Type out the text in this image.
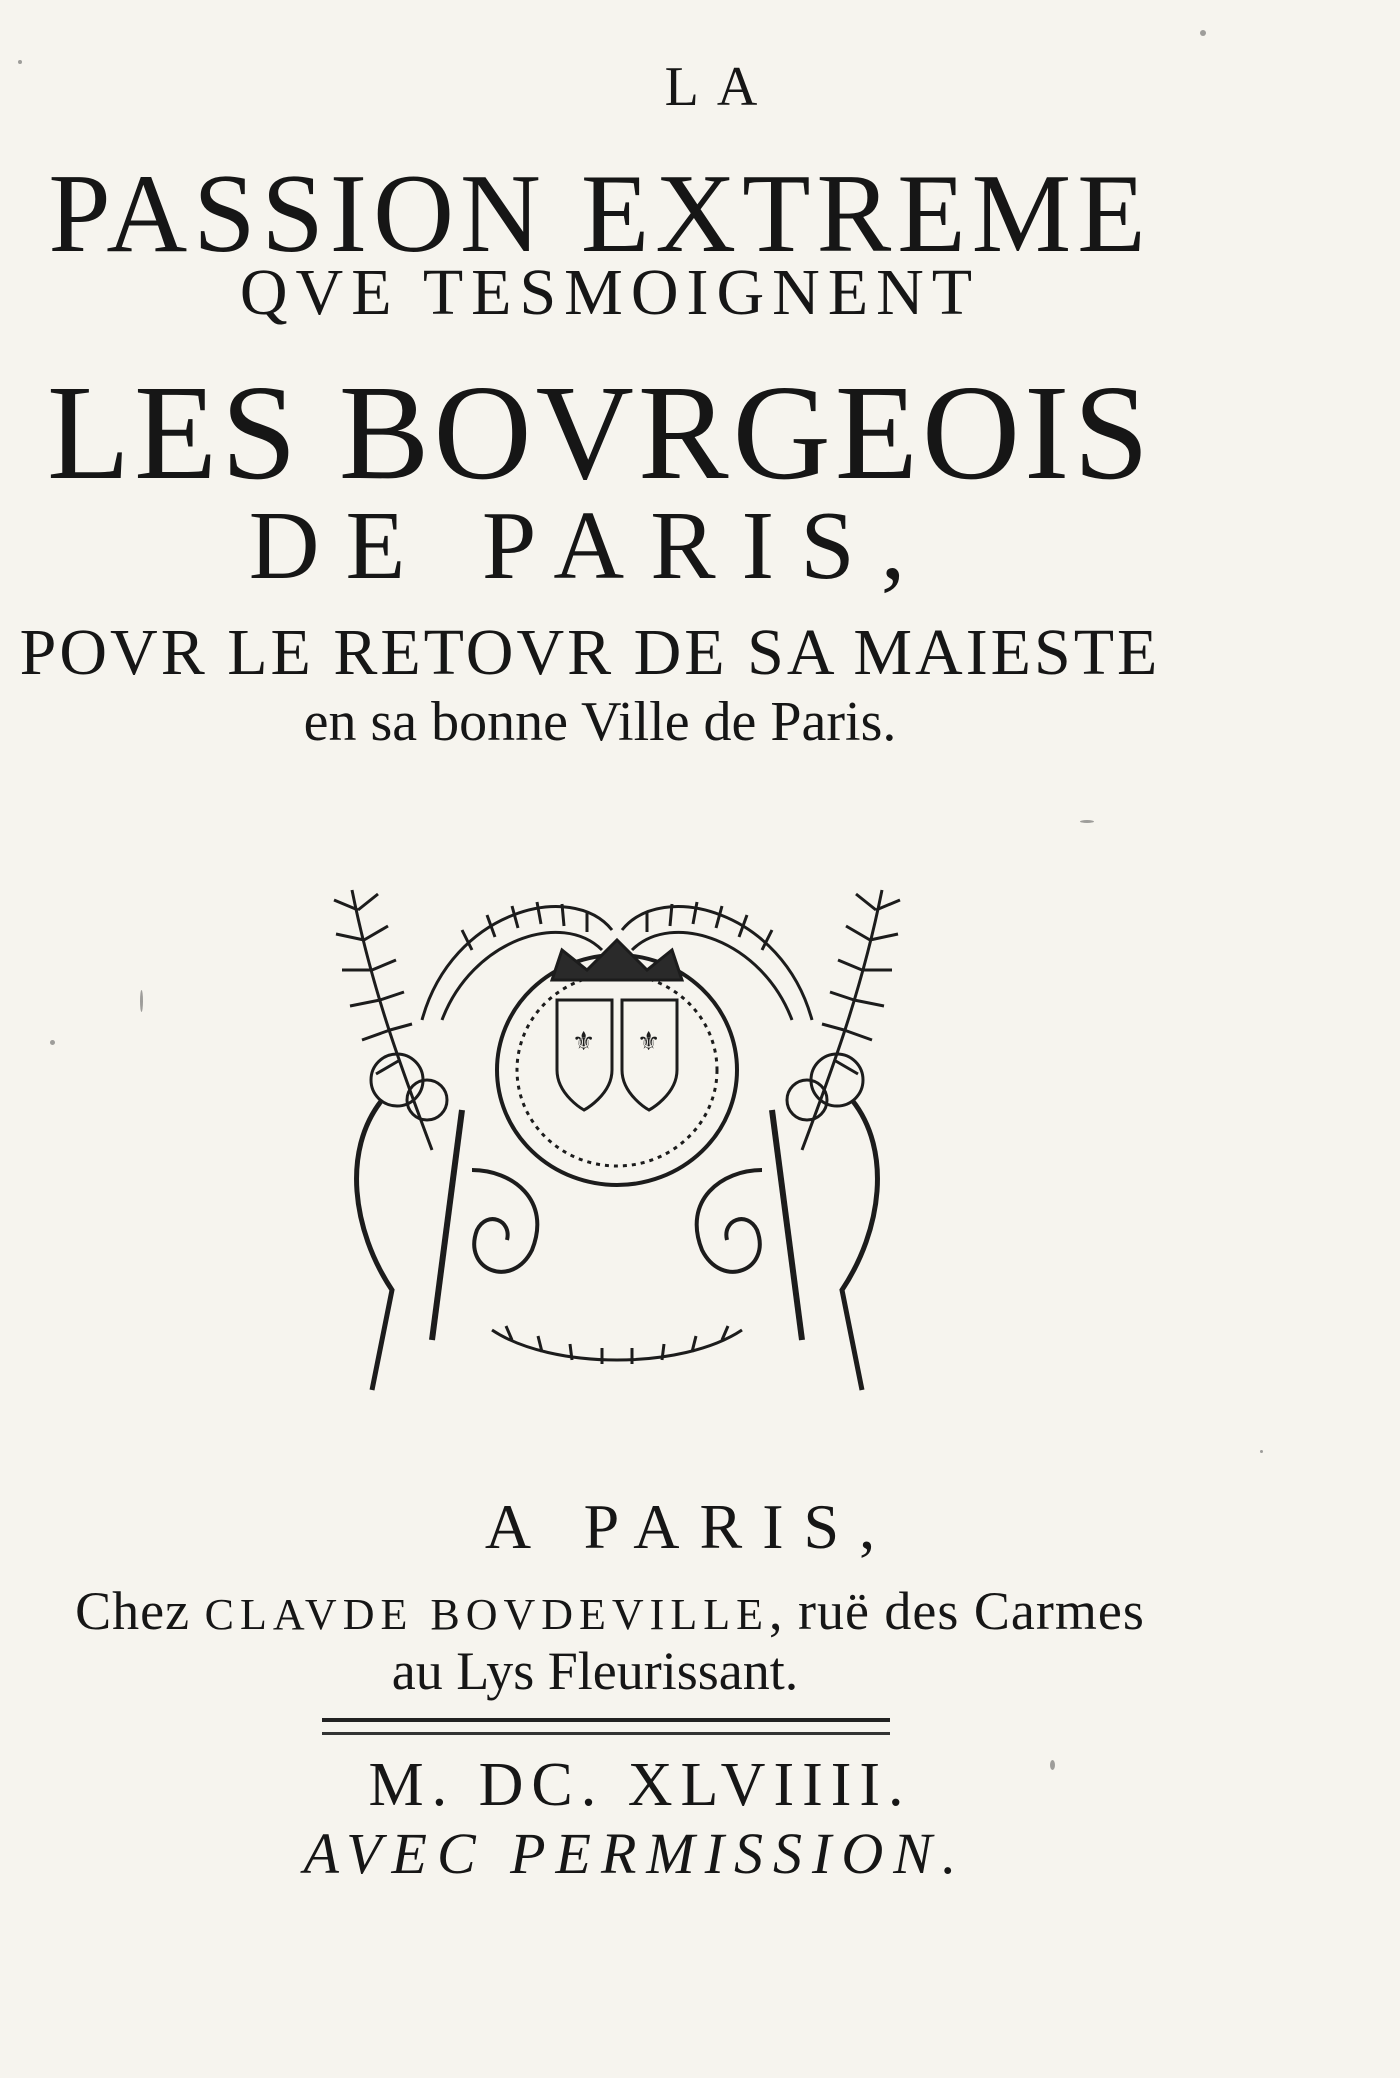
LA
PASSION EXTREME
QVE TESMOIGNENT
LES BOVRGEOIS
DE PARIS,
POVR LE RETOVR DE SA MAIESTE
en sa bonne Ville de Paris.
⚜ ⚜
A PARIS,
Chez CLAVDE BOVDEVILLE, ruë des Carmes
au Lys Fleurissant.
M. DC. XLVIIII.
AVEC PERMISSION.
